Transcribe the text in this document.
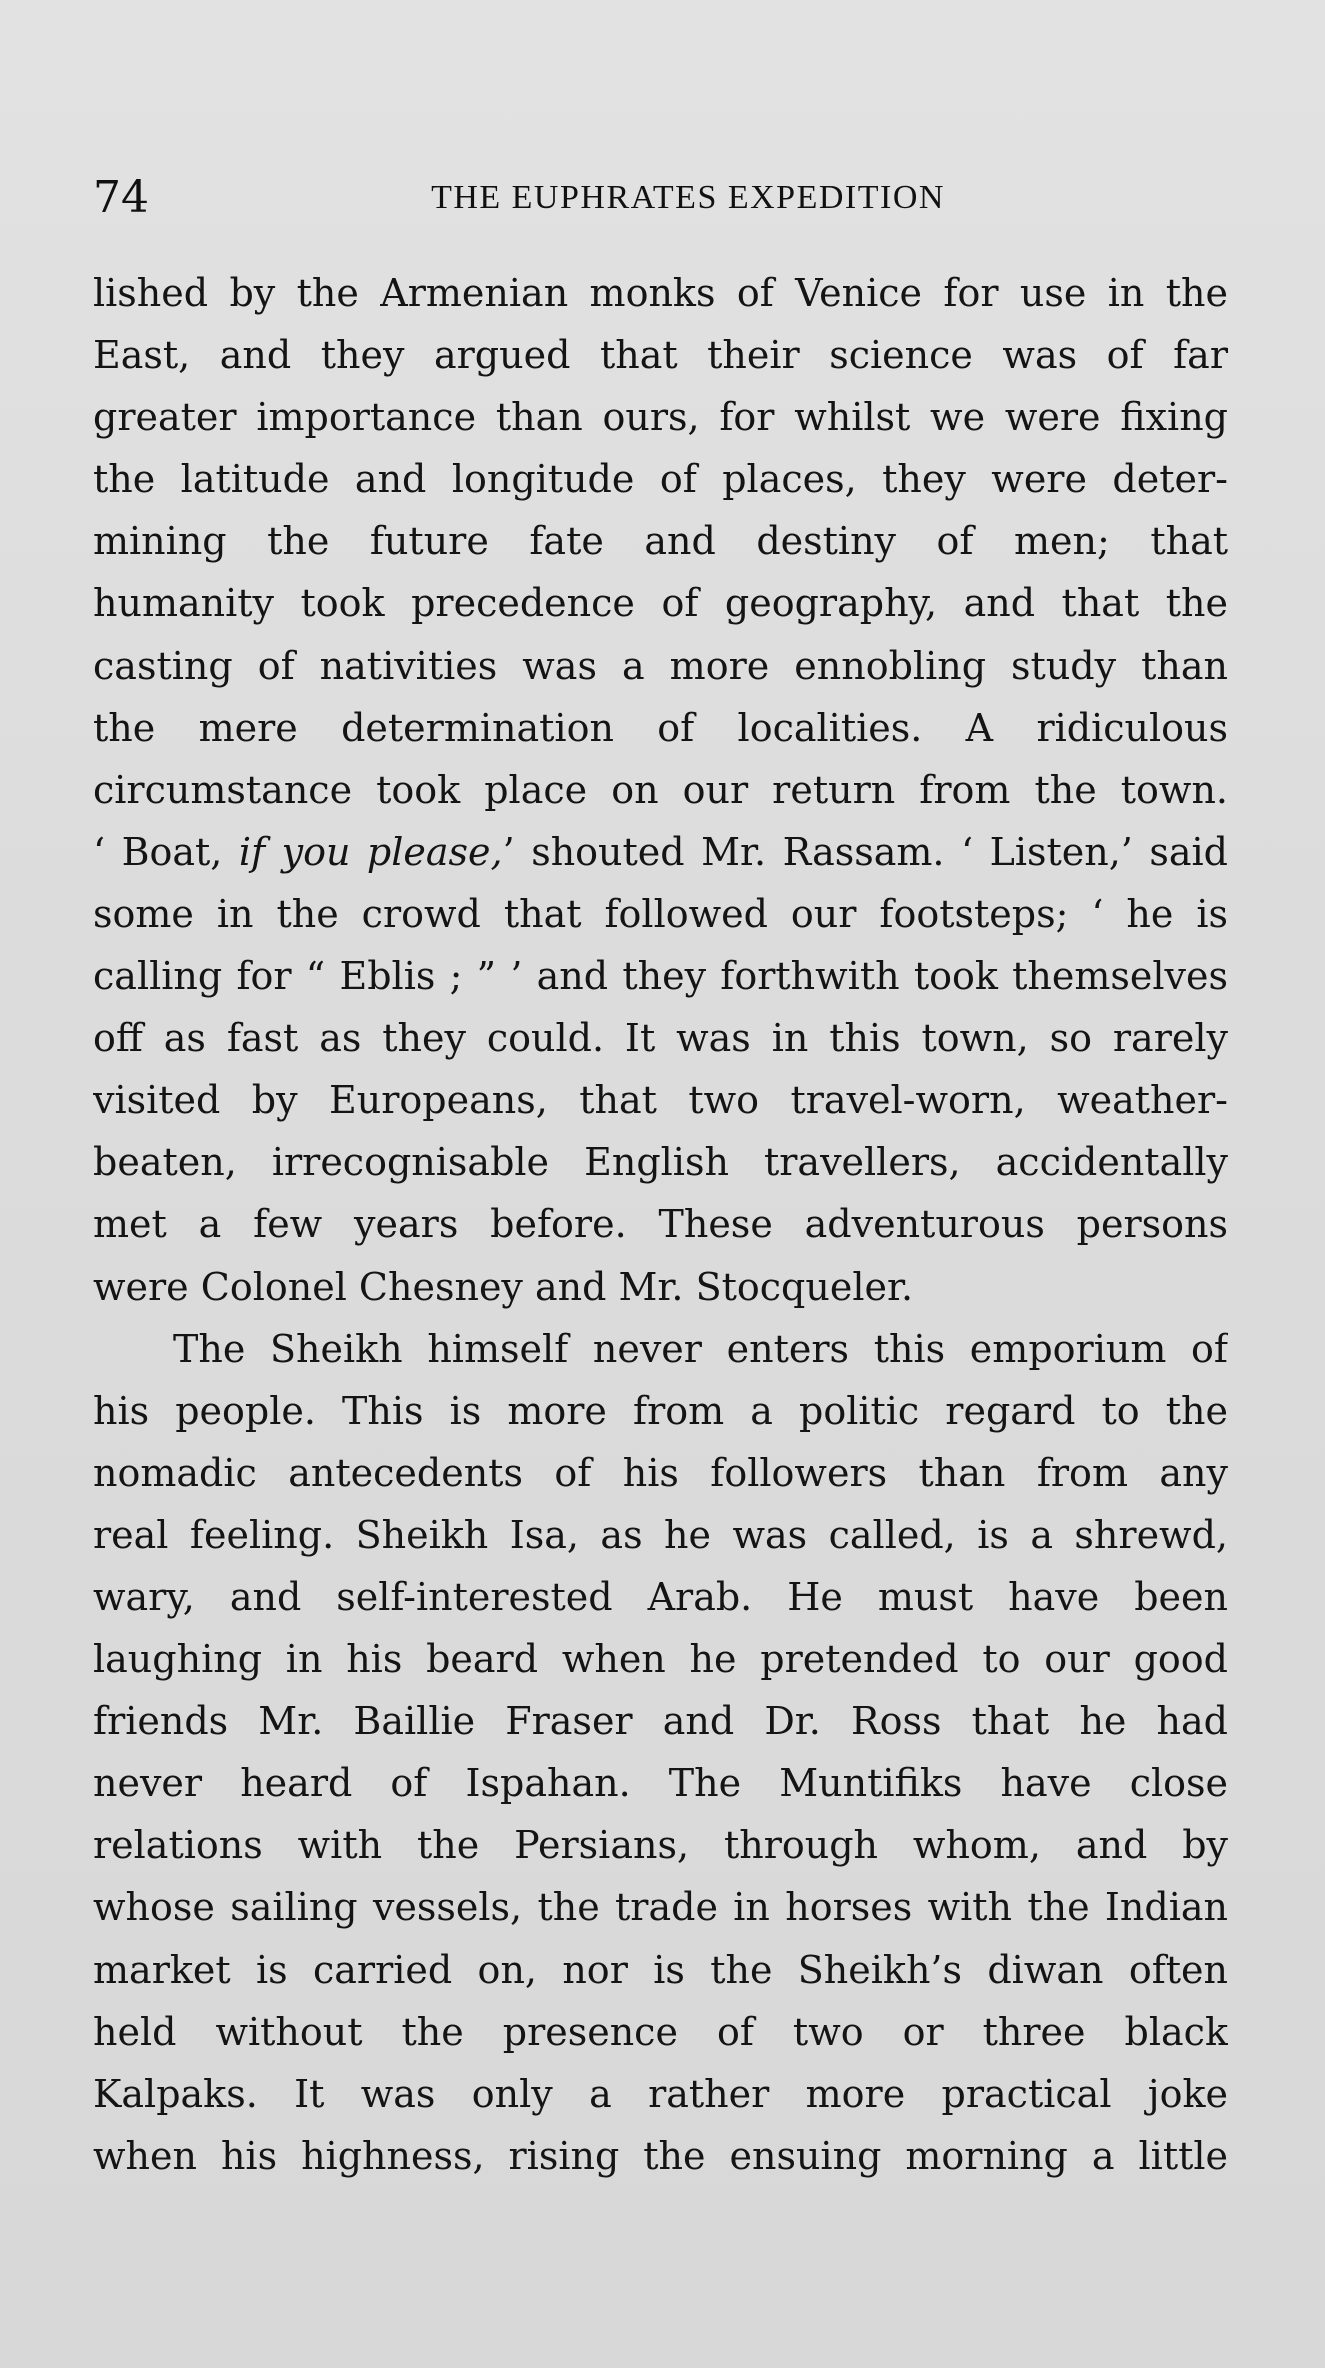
74	THE EUPHRATES EXPEDITION
lished by the Armenian monks of Venice for use in the
East, and they argued that their science was of far
greater importance than ours, for whilst we were fixing
the latitude and longitude of places, they were deter-
mining the future fate and destiny of men; that
humanity took precedence of geography, and that the
casting of nativities was a more ennobling study than
the mere determination of localities. A ridiculous
circumstance took place on our return from the town.
‘ Boat, if you please,’ shouted Mr. Rassam. ‘ Listen,’ said
some in the crowd that followed our footsteps; ‘ he is
calling for “ Eblis ; ” ’ and they forthwith took themselves
off as fast as they could. It was in this town, so rarely
visited by Europeans, that two travel-worn, weather-
beaten, irrecognisable English travellers, accidentally
met a few years before. These adventurous persons
were Colonel Chesney and Mr. Stocqueler.
The Sheikh himself never enters this emporium of
his people. This is more from a politic regard to the
nomadic antecedents of his followers than from any
real feeling. Sheikh Isa, as he was called, is a shrewd,
wary, and self-interested Arab. He must have been
laughing in his beard when he pretended to our good
friends Mr. Baillie Fraser and Dr. Ross that he had
never heard of Ispahan. The Muntifiks have close
relations with the Persians, through whom, and by
whose sailing vessels, the trade in horses with the Indian
market is carried on, nor is the Sheikh’s diwan often
held without the presence of two or three black
Kalpaks. It was only a rather more practical joke
when his highness, rising the ensuing morning a little
